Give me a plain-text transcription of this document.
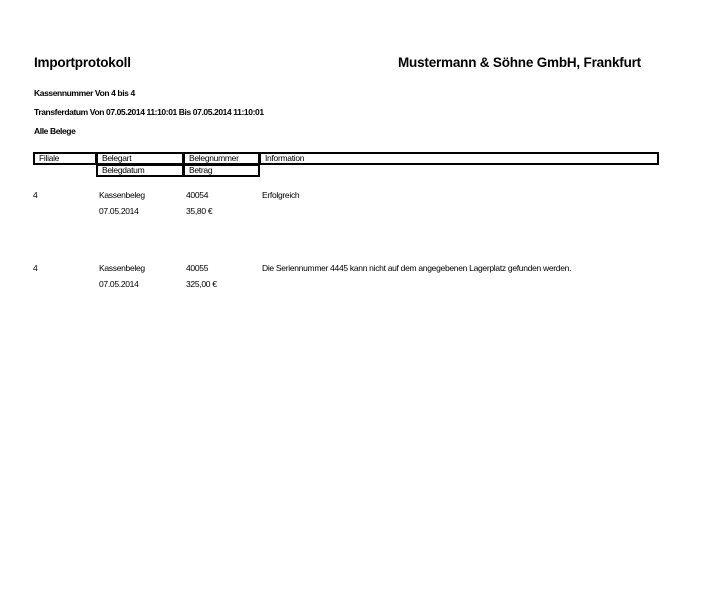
Importprotokoll	Mustermann & Söhne GmbH, Frankfurt
Kassennummer Von 4 bis 4
Transferdatum Von 07.05.2014 11:10:01 Bis 07.05.2014 11:10:01
Alle Belege
Filiale	Belegart	Belegnummer	Information
Belegdatum	Betrag
4	Kassenbeleg	40054	Erfolgreich
07.05.2014	35,80 €
4	Kassenbeleg	40055	Die Seriennummer 4445 kann nicht auf dem angegebenen Lagerplatz gefunden werden.
07.05.2014	325,00 €
